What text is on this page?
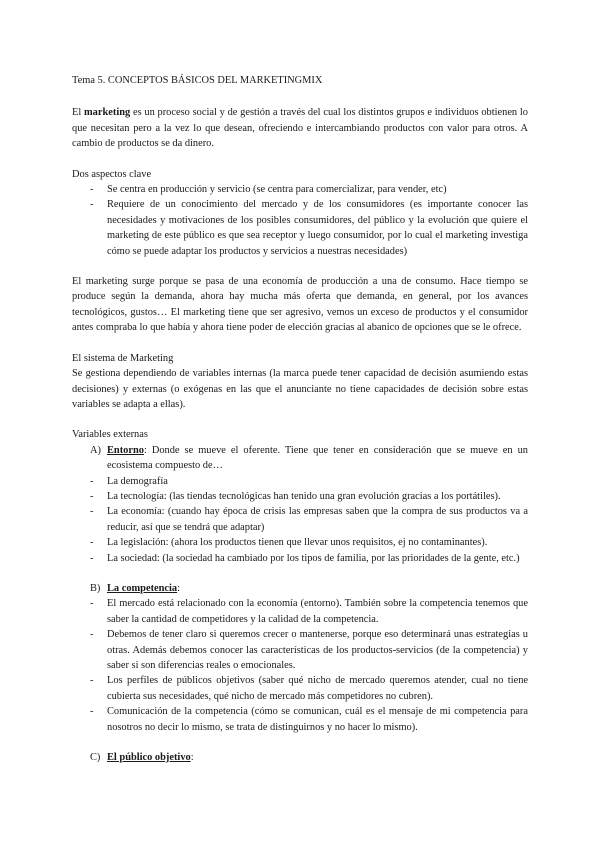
Tema 5. CONCEPTOS BÁSICOS DEL MARKETINGMIX

El marketing es un proceso social y de gestión a través del cual los distintos grupos e individuos obtienen lo que necesitan pero a la vez lo que desean, ofreciendo e intercambiando productos con valor para otros. A cambio de productos se da dinero.

Dos aspectos clave
- Se centra en producción y servicio (se centra para comercializar, para vender, etc)
- Requiere de un conocimiento del mercado y de los consumidores (es importante conocer las necesidades y motivaciones de los posibles consumidores, del público y la evolución que quiere el marketing de este público es que sea receptor y luego consumidor, por lo cual el marketing investiga cómo se puede adaptar los productos y servicios a nuestras necesidades)

El marketing surge porque se pasa de una economía de producción a una de consumo. Hace tiempo se produce según la demanda, ahora hay mucha más oferta que demanda, en general, por los avances tecnológicos, gustos… El marketing tiene que ser agresivo, vemos un exceso de productos y el consumidor antes compraba lo que había y ahora tiene poder de elección gracias al abanico de opciones que se le ofrece.

El sistema de Marketing

Se gestiona dependiendo de variables internas (la marca puede tener capacidad de decisión asumiendo estas decisiones) y externas (o exógenas en las que el anunciante no tiene capacidades de decisión sobre estas variables se adapta a ellas).

Variables externas
A) Entorno: Donde se mueve el oferente. Tiene que tener en consideración que se mueve en un ecosistema compuesto de…
- La demografía
- La tecnología: (las tiendas tecnológicas han tenido una gran evolución gracias a los portátiles).
- La economía: (cuando hay época de crisis las empresas saben que la compra de sus productos va a reducir, así que se tendrá que adaptar)
- La legislación: (ahora los productos tienen que llevar unos requisitos, ej no contaminantes).
- La sociedad: (la sociedad ha cambiado por los tipos de familia, por las prioridades de la gente, etc.)
B) La competencia:
- El mercado está relacionado con la economía (entorno). También sobre la competencia tenemos que saber la cantidad de competidores y la calidad de la competencia.
- Debemos de tener claro si queremos crecer o mantenerse, porque eso determinará unas estrategias u otras. Además debemos conocer las características de los productos-servicios (de la competencia) y saber si son diferencias reales o emocionales.
- Los perfiles de públicos objetivos (saber qué nicho de mercado queremos atender, cual no tiene cubierta sus necesidades, qué nicho de mercado más competidores no cubren).
- Comunicación de la competencia (cómo se comunican, cuál es el mensaje de mi competencia para nosotros no decir lo mismo, se trata de distinguirnos y no hacer lo mismo).
C) El público objetivo:
